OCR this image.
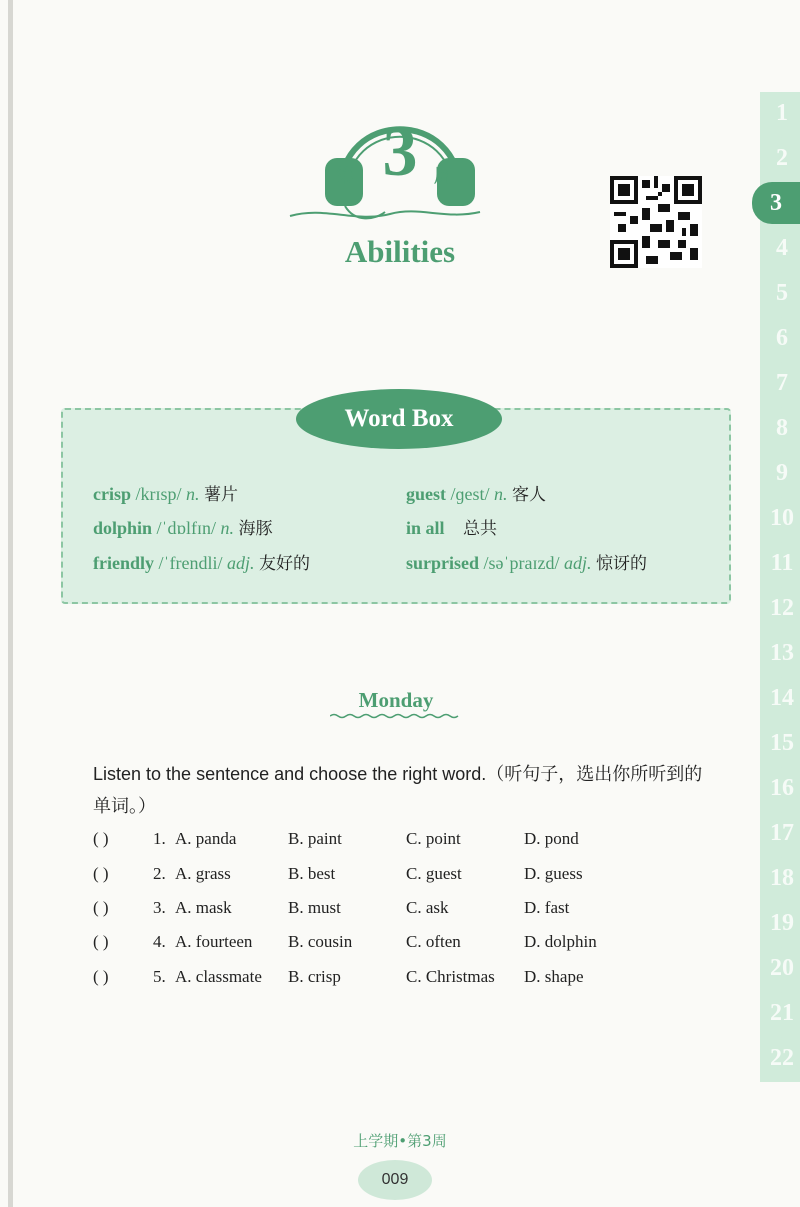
第 3 周
Abilities
Word Box
crisp /krɪsp/ n. 薯片
dolphin /ˈdɒlfɪn/ n. 海豚
friendly /ˈfrendli/ adj. 友好的
guest /ɡest/ n. 客人
in all 总共
surprised /səˈpraɪzd/ adj. 惊讶的
Monday
Listen to the sentence and choose the right word.（听句子，选出你所听到的单词。）
( )	1. A. panda	B. paint	C. point	D. pond
( )	2. A. grass	B. best	C. guest	D. guess
( )	3. A. mask	B. must	C. ask	D. fast
( )	4. A. fourteen B. cousin	C. often	D. dolphin
( )	5. A. classmate B. crisp	C. Christmas D. shape
1
2
3
4
5
6
7
8
9
10
11
12
13
14
15
16
17
18
19
20
21
22
上学期•第3周
009
